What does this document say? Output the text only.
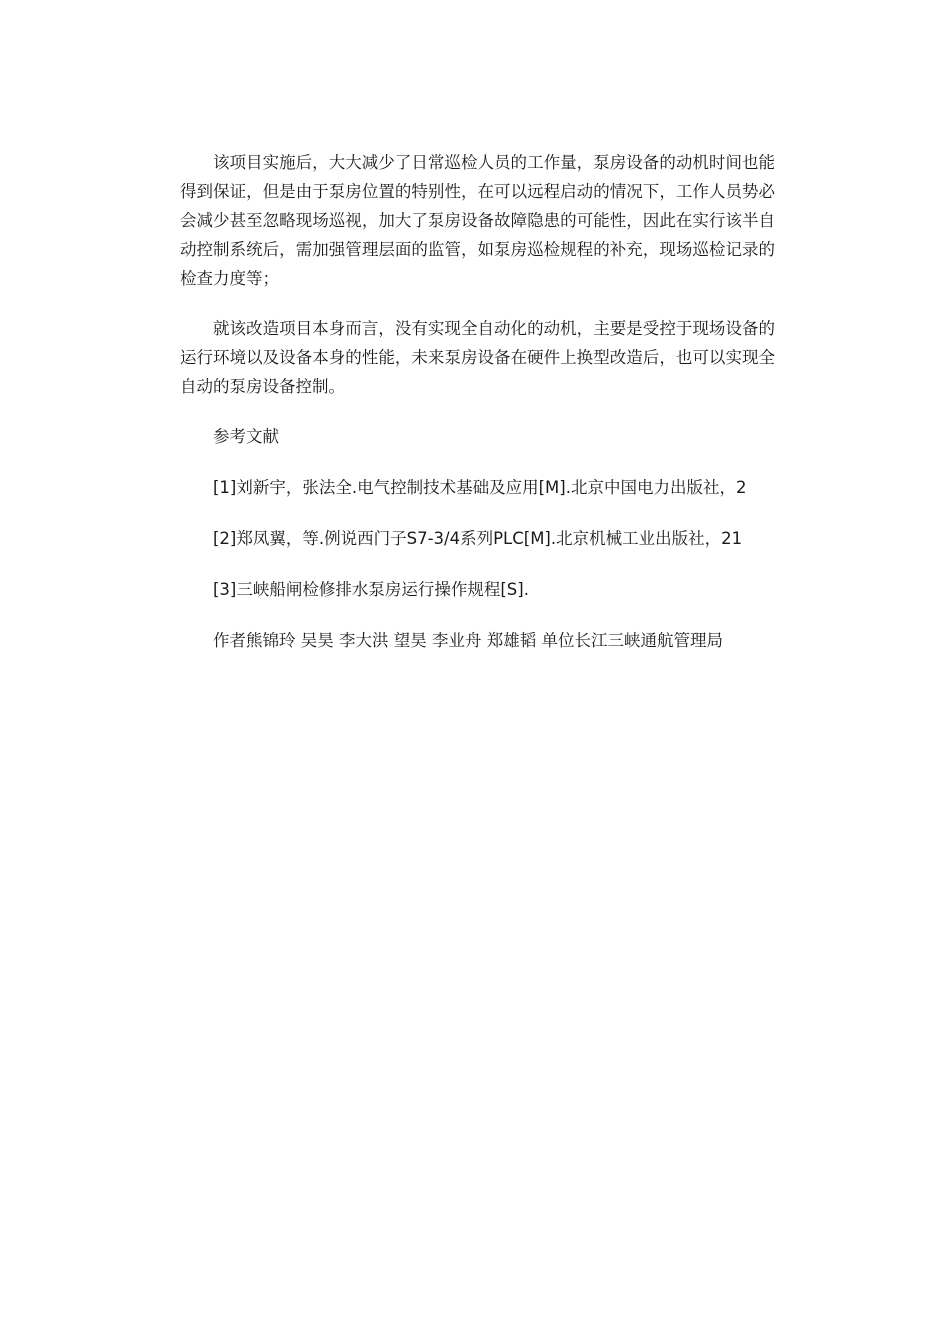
该项目实施后，大大减少了日常巡检人员的工作量，泵房设备的动机时间也能得到保证，但是由于泵房位置的特别性，在可以远程启动的情况下，工作人员势必会减少甚至忽略现场巡视，加大了泵房设备故障隐患的可能性，因此在实行该半自动控制系统后，需加强管理层面的监管，如泵房巡检规程的补充，现场巡检记录的检查力度等；

就该改造项目本身而言，没有实现全自动化的动机，主要是受控于现场设备的运行环境以及设备本身的性能，未来泵房设备在硬件上换型改造后，也可以实现全自动的泵房设备控制。

参考文献
[1]刘新宇，张法全.电气控制技术基础及应用[M].北京中国电力出版社，2
[2]郑凤翼，等.例说西门子S7-3/4系列PLC[M].北京机械工业出版社，21
[3]三峡船闸检修排水泵房运行操作规程[S].
作者熊锦玲 吴昊 李大洪 望昊 李业舟 郑雄韬 单位长江三峡通航管理局
